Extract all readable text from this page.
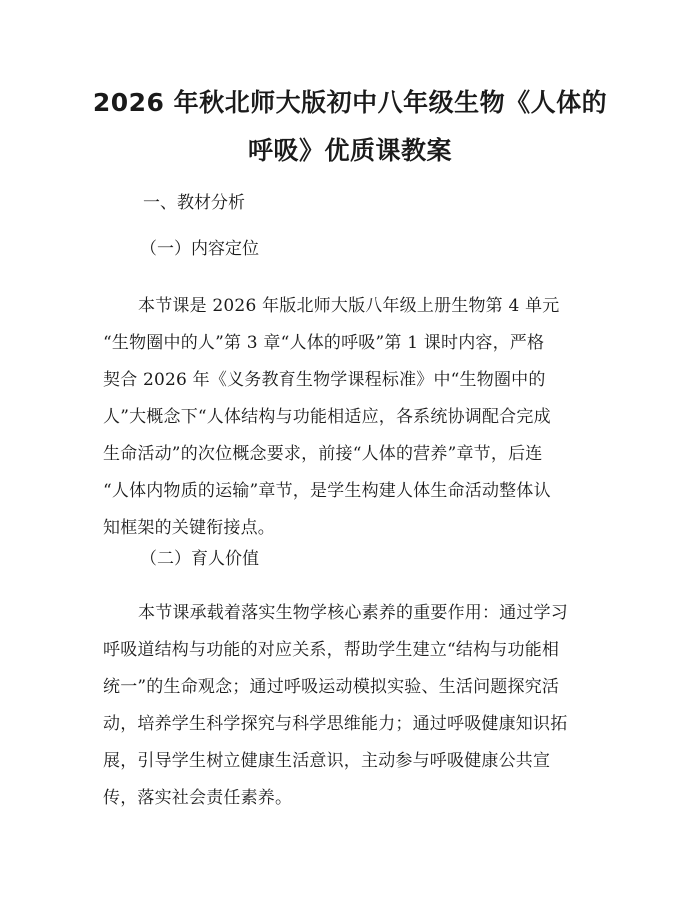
2026 年秋北师大版初中八年级生物《人体的
呼吸》优质课教案
一、教材分析
（一）内容定位
本节课是 2026 年版北师大版八年级上册生物第 4 单元
“生物圈中的人”第 3 章“人体的呼吸”第 1 课时内容，严格
契合 2026 年《义务教育生物学课程标准》中“生物圈中的
人”大概念下“人体结构与功能相适应，各系统协调配合完成
生命活动”的次位概念要求，前接“人体的营养”章节，后连
“人体内物质的运输”章节，是学生构建人体生命活动整体认
知框架的关键衔接点。
（二）育人价值
本节课承载着落实生物学核心素养的重要作用：通过学习
呼吸道结构与功能的对应关系，帮助学生建立“结构与功能相
统一”的生命观念；通过呼吸运动模拟实验、生活问题探究活
动，培养学生科学探究与科学思维能力；通过呼吸健康知识拓
展，引导学生树立健康生活意识，主动参与呼吸健康公共宣
传，落实社会责任素养。
